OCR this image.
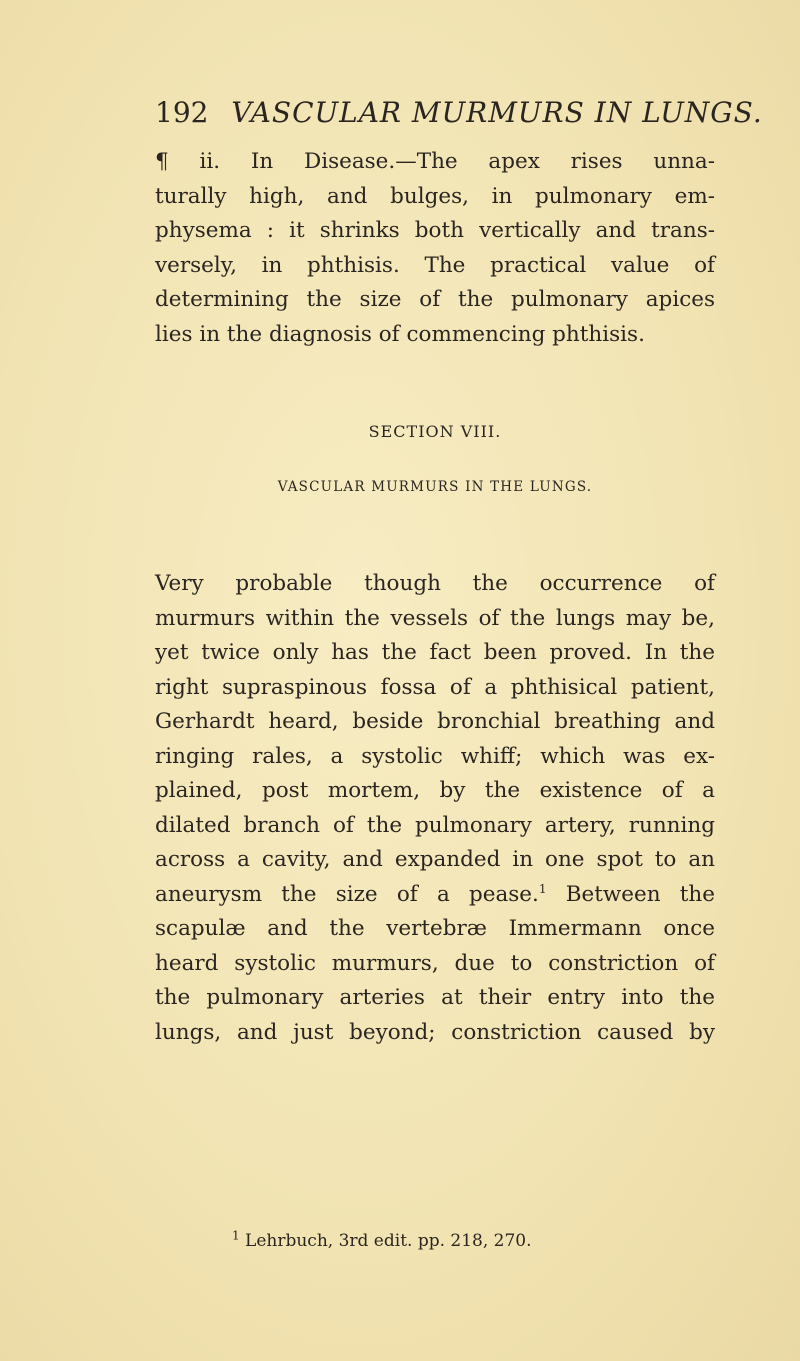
192 VASCULAR MURMURS IN LUNGS.
¶ ii. In Disease.—The apex rises unna-
turally high, and bulges, in pulmonary em-
physema : it shrinks both vertically and trans-
versely, in phthisis. The practical value of
determining the size of the pulmonary apices
lies in the diagnosis of commencing phthisis.
SECTION VIII.
VASCULAR MURMURS IN THE LUNGS.
Very probable though the occurrence of
murmurs within the vessels of the lungs may be,
yet twice only has the fact been proved. In the
right supraspinous fossa of a phthisical patient,
Gerhardt heard, beside bronchial breathing and
ringing rales, a systolic whiff; which was ex-
plained, post mortem, by the existence of a
dilated branch of the pulmonary artery, running
across a cavity, and expanded in one spot to an
aneurysm the size of a pease.$^1$ Between the
scapulæ and the vertebræ Immermann once
heard systolic murmurs, due to constriction of
the pulmonary arteries at their entry into the
lungs, and just beyond; constriction caused by
$^1$ Lehrbuch, 3rd edit. pp. 218, 270.
